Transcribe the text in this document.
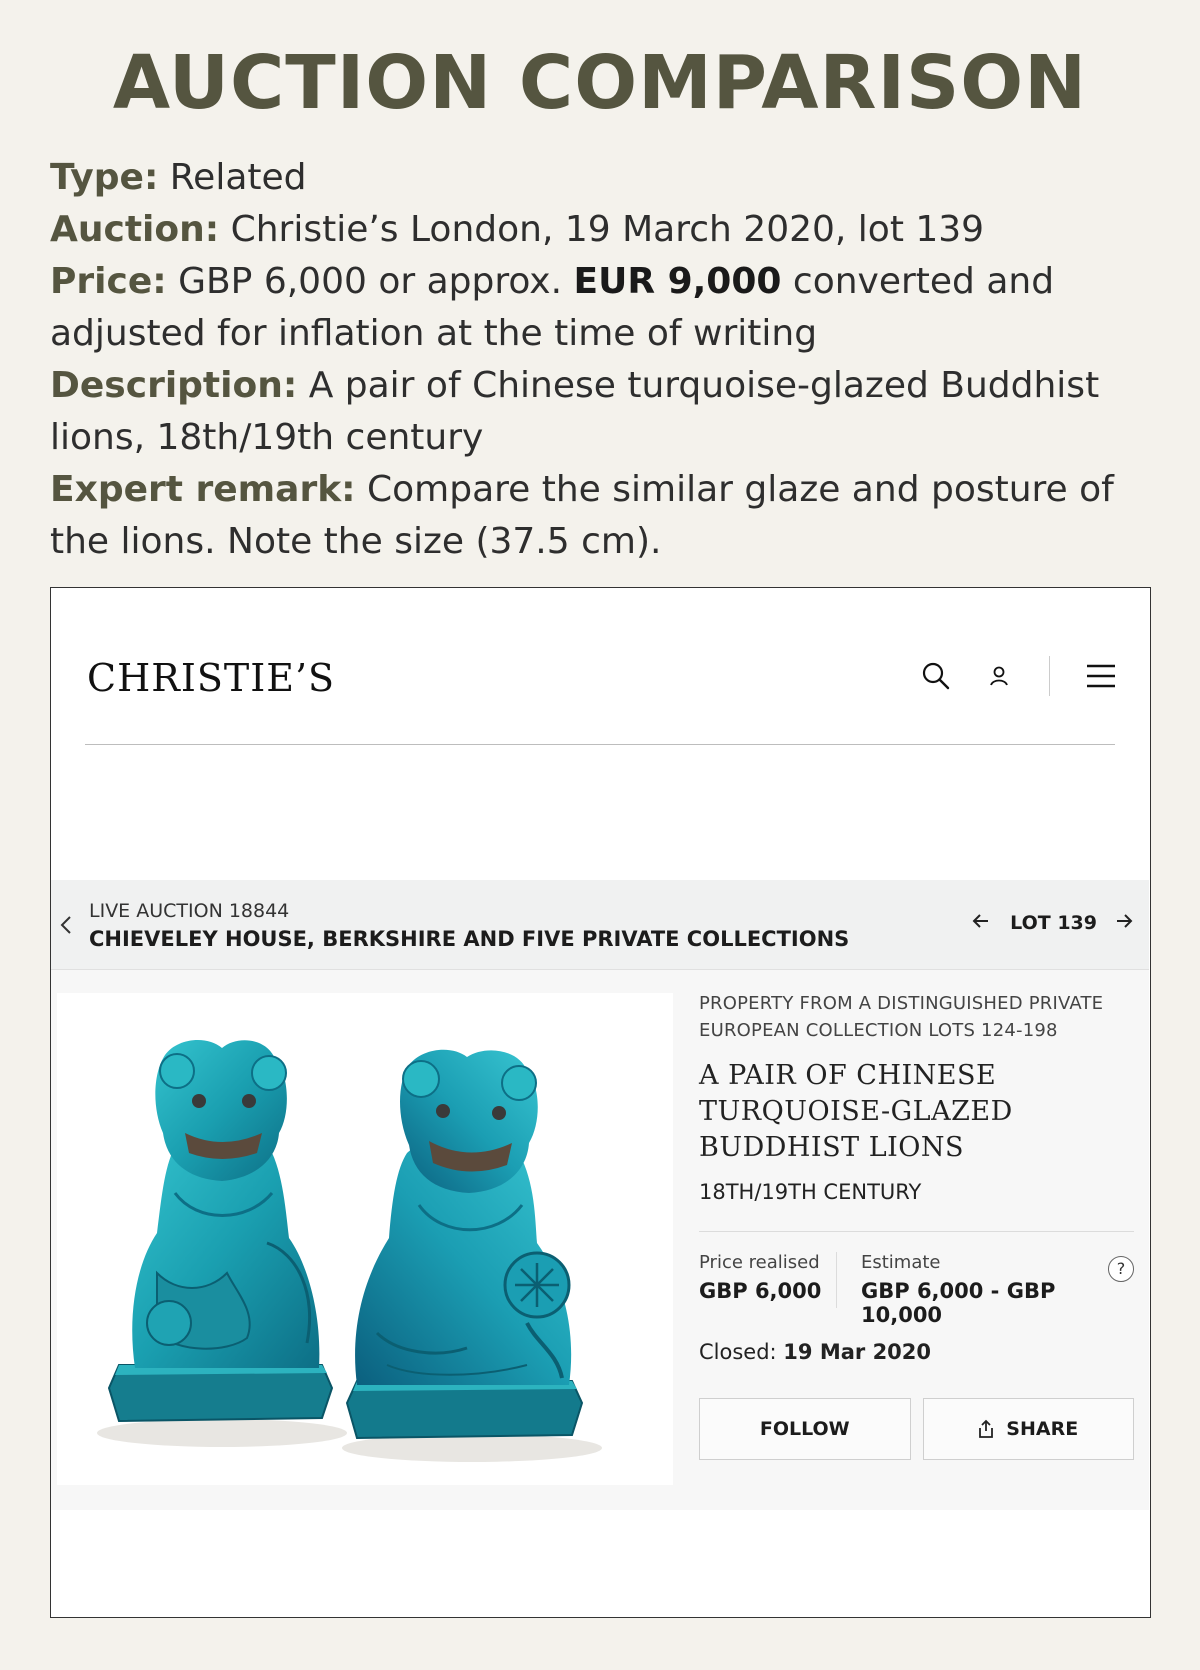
AUCTION COMPARISON
Type: Related
Auction: Christie’s London, 19 March 2020, lot 139
Price: GBP 6,000 or approx. EUR 9,000 converted and adjusted for inflation at the time of writing
Description: A pair of Chinese turquoise-glazed Buddhist lions, 18th/19th century
Expert remark: Compare the similar glaze and posture of the lions. Note the size (37.5 cm).
CHRISTIE’S
LIVE AUCTION 18844
CHIEVELEY HOUSE, BERKSHIRE AND FIVE PRIVATE COLLECTIONS
LOT 139
PROPERTY FROM A DISTINGUISHED PRIVATE EUROPEAN COLLECTION LOTS 124-198
A PAIR OF CHINESE TURQUOISE-GLAZED BUDDHIST LIONS
18TH/19TH CENTURY
Price realised
GBP 6,000
Estimate
GBP 6,000 - GBP 10,000
?
Closed: 19 Mar 2020
FOLLOW	SHARE
